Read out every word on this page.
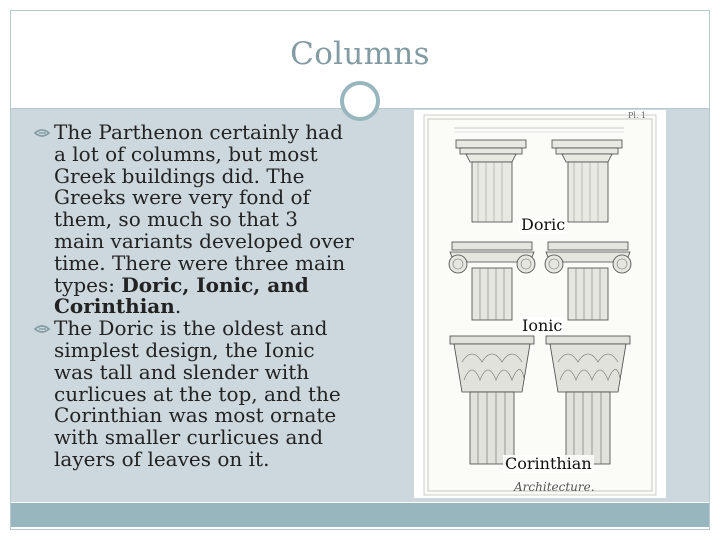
Columns

The Parthenon certainly had a lot of columns, but most Greek buildings did. The Greeks were very fond of them, so much so that 3 main variants developed over time. There were three main types: Doric, Ionic, and Corinthian.

The Doric is the oldest and simplest design, the Ionic was tall and slender with curlicues at the top, and the Corinthian was most ornate with smaller curlicues and layers of leaves on it.

Pl. 1
Doric
Ionic
Corinthian
Architecture.
